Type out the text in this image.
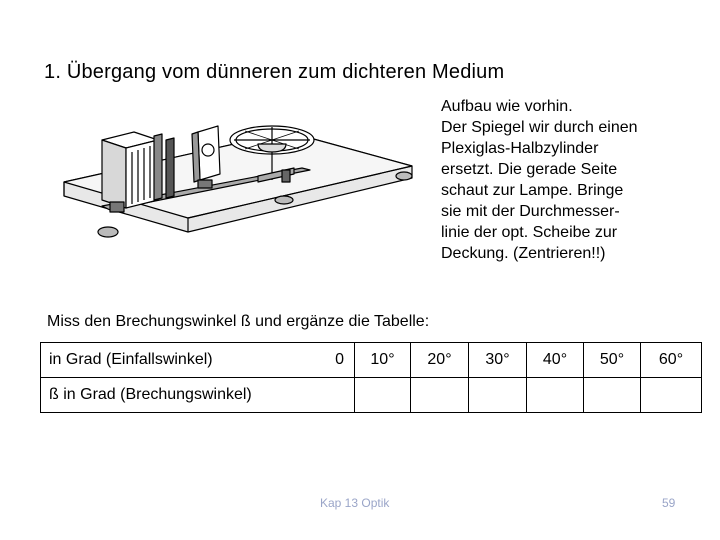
1. Übergang vom dünneren zum dichteren Medium
Aufbau wie vorhin.
Der Spiegel wir durch einen
Plexiglas-Halbzylinder
ersetzt. Die gerade Seite
schaut zur Lampe. Bringe
sie mit der Durchmesser-
linie der opt. Scheibe zur
Deckung. (Zentrieren!!)

Miss den Brechungswinkel ß und ergänze die Tabelle:

in Grad (Einfallswinkel) 0	10°	20°	30°	40°	50°	60°
ß in Grad (Brechungswinkel)						
Kap 13 Optik	59
